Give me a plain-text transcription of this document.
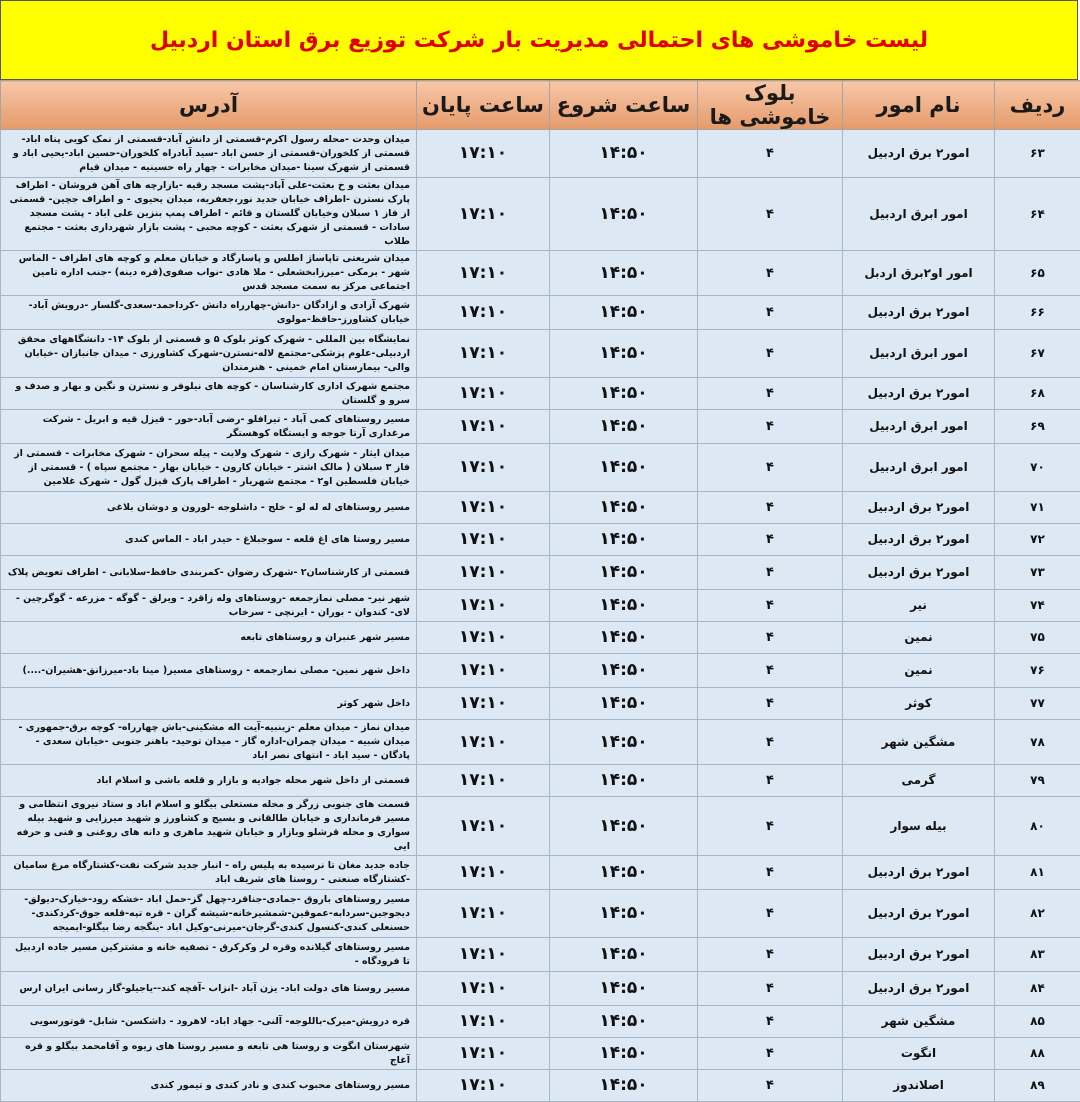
لیست خاموشی های احتمالی مدیریت بار شرکت توزیع برق استان اردبیل
ردیف	نام امور	بلوک خاموشی ها	ساعت شروع	ساعت پایان	آدرس
۶۳	امور۲ برق اردبیل	۴	۱۴:۵۰	۱۷:۱۰	میدان وحدت -محله رسول اکرم-قسمتی از دانش آباد-قسمتی از نمک کویی پناه اباد-قسمتی از کلخوران-قسمتی از حسن اباد -سید آبادراه کلخوران-حسین اباد-یحیی اباد و قسمتی از شهرک سینا -میدان مخابرات - چهار راه حسینیه - میدان قیام
۶۴	امور ابرق اردبیل	۴	۱۴:۵۰	۱۷:۱۰	میدان بعثت و خ بعثت-علی آباد-پشت مسجد رقیه -بازارچه های آهن فروشان - اطراف پارک نسترن -اطراف خیابان جدید نور،جعفریه، میدان یحیوی - و اطراف جچین- قسمتی از فاز ۱ سبلان وخیابان گلستان و قائم - اطراف پمپ بنزین علی اباد - پشت مسجد سادات - قسمتی از شهرک بعثت - کوچه محبی - پشت بازار شهرداری بعثت - مجتمع طلاب
۶۵	امور او۲برق اردبل	۴	۱۴:۵۰	۱۷:۱۰	میدان شریعتی تاپاساژ اطلس و پاسارگاد و خیابان معلم و کوچه های اطراف - الماس شهر - برمکی -میرزابخشعلی - ملا هادی -نواب صفوی(قره دینه) -جنب اداره تامین اجتماعی مرکز به سمت مسجد قدس
۶۶	امور۲ برق اردبیل	۴	۱۴:۵۰	۱۷:۱۰	شهرک آزادی و ازادگان -دانش-چهارراه دانش -کرداحمد-سعدی-گلسار -درویش آباد-خیابان کشاورز-حافظ-مولوی
۶۷	امور ابرق اردبیل	۴	۱۴:۵۰	۱۷:۱۰	نمایشگاه بین المللی - شهرک کوثر بلوک ۵ و قسمتی از بلوک ۱۴- دانشگاههای محقق اردبیلی-علوم پزشکی-مجتمع لاله-نسترن-شهرک کشاورزی - میدان جانبازان -خیابان والی- بیمارستان امام خمینی - هنرمندان
۶۸	امور۲ برق اردبیل	۴	۱۴:۵۰	۱۷:۱۰	مجتمع شهرک اداری کارشناسان - کوچه های نیلوفر و نسترن و نگین و بهار و صدف و سرو و گلستان
۶۹	امور ابرق اردبیل	۴	۱۴:۵۰	۱۷:۱۰	مسیر روستاهای کمی آباد - تیرافلو -رضی آباد-حور - قیزل قیه و ابریل - شرکت مرغداری آرتا جوجه و ایستگاه کوهستگر
۷۰	امور ابرق اردبیل	۴	۱۴:۵۰	۱۷:۱۰	میدان ایثار - شهرک رازی - شهرک ولایت - پیله سحران - شهرک مخابرات - قسمتی از فاز ۳ سبلان ( مالک اشتر - خیابان کارون - خیابان بهار - مجتمع سپاه ) - قسمتی از خیابان فلسطین او۲ - مجتمع شهریار - اطراف پارک قیزل گول - شهرک غلامین
۷۱	امور۲ برق اردبیل	۴	۱۴:۵۰	۱۷:۱۰	مسیر روستاهای له له لو - خلج - داشلوجه -لورون و دوشان بلاغی
۷۲	امور۲ برق اردبیل	۴	۱۴:۵۰	۱۷:۱۰	مسیر روستا های اغ قلعه - سوجبلاغ - حیدر اباد - الماس کندی
۷۳	امور۲ برق اردبیل	۴	۱۴:۵۰	۱۷:۱۰	قسمتی از کارشناسان۲ -شهرک رضوان -کمربندی حافظ-سلابانی - اطراف تعویض پلاک
۷۴	نیر	۴	۱۴:۵۰	۱۷:۱۰	شهر نیر- مصلی نمازجمعه -روستاهای وله زاقرد - ویرلق - گوگه - مزرعه - گوگرچین - لای- کندوان - بوران - ایرنچی - سرخاب
۷۵	نمین	۴	۱۴:۵۰	۱۷:۱۰	مسیر شهر عنبران و روستاهای تابعه
۷۶	نمین	۴	۱۴:۵۰	۱۷:۱۰	داخل شهر نمین- مصلی نمازجمعه - روستاهای مسیر( مینا باد-میرزانق-هشیران-....)
۷۷	کوثر	۴	۱۴:۵۰	۱۷:۱۰	داخل شهر کوثر
۷۸	مشگین شهر	۴	۱۴:۵۰	۱۷:۱۰	میدان نماز - میدان معلم -زینبیه-آیت اله مشکینی-باش چهارراه- کوچه برق-جمهوری - میدان شبیه - میدان چمران-اداره گاز - میدان توحید- باهنر جنوبی -خیابان سعدی - پادگان - سید اباد - انتهای نصر اباد
۷۹	گرمی	۴	۱۴:۵۰	۱۷:۱۰	قسمتی از داخل شهر محله جوادیه و بازار و قلعه باشی و اسلام اباد
۸۰	بیله سوار	۴	۱۴:۵۰	۱۷:۱۰	قسمت های جنوبی زرگر و محله مستعلی بیگلو و اسلام اباد و ستاد نیروی انتظامی و مسیر فرمانداری و خیابان طالقانی و بسیج و کشاورز و شهید میرزایی و شهید بیله سواری و محله قرشلو وبازار و خیابان شهید ماهری و دانه های روغنی و فنی و حرفه ایی
۸۱	امور۲ برق اردبیل	۴	۱۴:۵۰	۱۷:۱۰	جاده جدید مغان تا نرسیده به پلیس راه - انبار جدید شرکت نفت-کشتارگاه مرغ سامیان -کشتارگاه صنعتی - روستا های شریف اباد
۸۲	امور۲ برق اردبیل	۴	۱۴:۵۰	۱۷:۱۰	مسیر روستاهای باروق -جمادی-جناقرد-چهل گز-حمل اباد -خشکه رود-خیارک-دیولق-دیجوجین-سردابه-عموقین-شمشیرخانه-شیشه گران - قره تپه-قلعه جوق-کردکندی-حسنعلی کندی-کنسول کندی-گرجان-میرنی-وکیل اباد -ینگجه رضا بیگلو-ایمیجه
۸۳	امور۲ برق اردبیل	۴	۱۴:۵۰	۱۷:۱۰	مسیر روستاهای گیلانده وقره لر وکرکرق - تصفیه خانه و مشترکین مسیر جاده اردبیل تا فرودگاه -
۸۴	امور۲ برق اردبیل	۴	۱۴:۵۰	۱۷:۱۰	مسیر روستا های دولت اباد- یزن آباد -انزاب -آقچه کند--یاجیلو-گاز رسانی ایران ارس
۸۵	مشگین شهر	۴	۱۴:۵۰	۱۷:۱۰	قره درویش-میرک-باللوجه- آلنی- جهاد اباد- لاهرود - داشکسن- شابل- قوتورسویی
۸۸	انگوت	۴	۱۴:۵۰	۱۷:۱۰	شهرستان انگوت و روستا هی تابعه و مسیر روستا های زیوه و آقامحمد بیگلو و قره آغاج
۸۹	اصلاندوز	۴	۱۴:۵۰	۱۷:۱۰	مسیر روستاهای محبوب کندی و نادر کندی و تیمور کندی
